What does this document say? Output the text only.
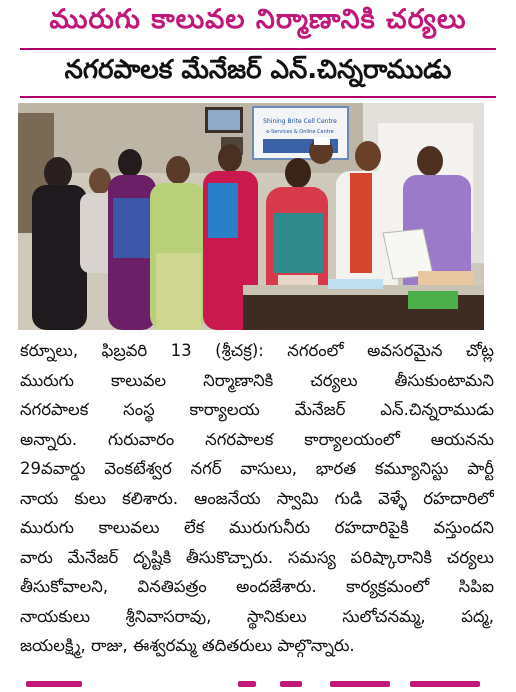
మురుగు కాలువల నిర్మాణానికి చర్యలు
నగరపాలక మేనేజర్ ఎన్.చిన్నరాముడు
Shining Brite Cell Centre
e-Services & Online Centre
కర్నూలు, ఫిబ్రవరి 13 (శ్రీచక్ర): నగరంలో అవసరమైన చోట్ల
మురుగు కాలువల నిర్మాణానికి చర్యలు తీసుకుంటామని
నగరపాలక సంస్థ కార్యాలయ మేనేజర్ ఎన్.చిన్నరాముడు
అన్నారు. గురువారం నగరపాలక కార్యాలయంలో ఆయనను
29వవార్డు వెంకటేశ్వర నగర్ వాసులు, భారత కమ్యూనిస్టు పార్టీ
నాయ కులు కలిశారు. ఆంజనేయ స్వామి గుడి వెళ్ళే రహదారిలో
మురుగు కాలువలు లేక మురుగునీరు రహదారిపైకి వస్తుందని
వారు మేనేజర్ దృష్టికి తీసుకొచ్చారు. సమస్య పరిష్కారానికి చర్యలు
తీసుకోవాలని, వినతిపత్రం అందజేశారు. కార్యక్రమంలో సిపిఐ
నాయకులు శ్రీనివాసరావు, స్థానికులు సులోచనమ్మ, పద్మ,
జయలక్ష్మి, రాజు, ఈశ్వరమ్మ తదితరులు పాల్గొన్నారు.
